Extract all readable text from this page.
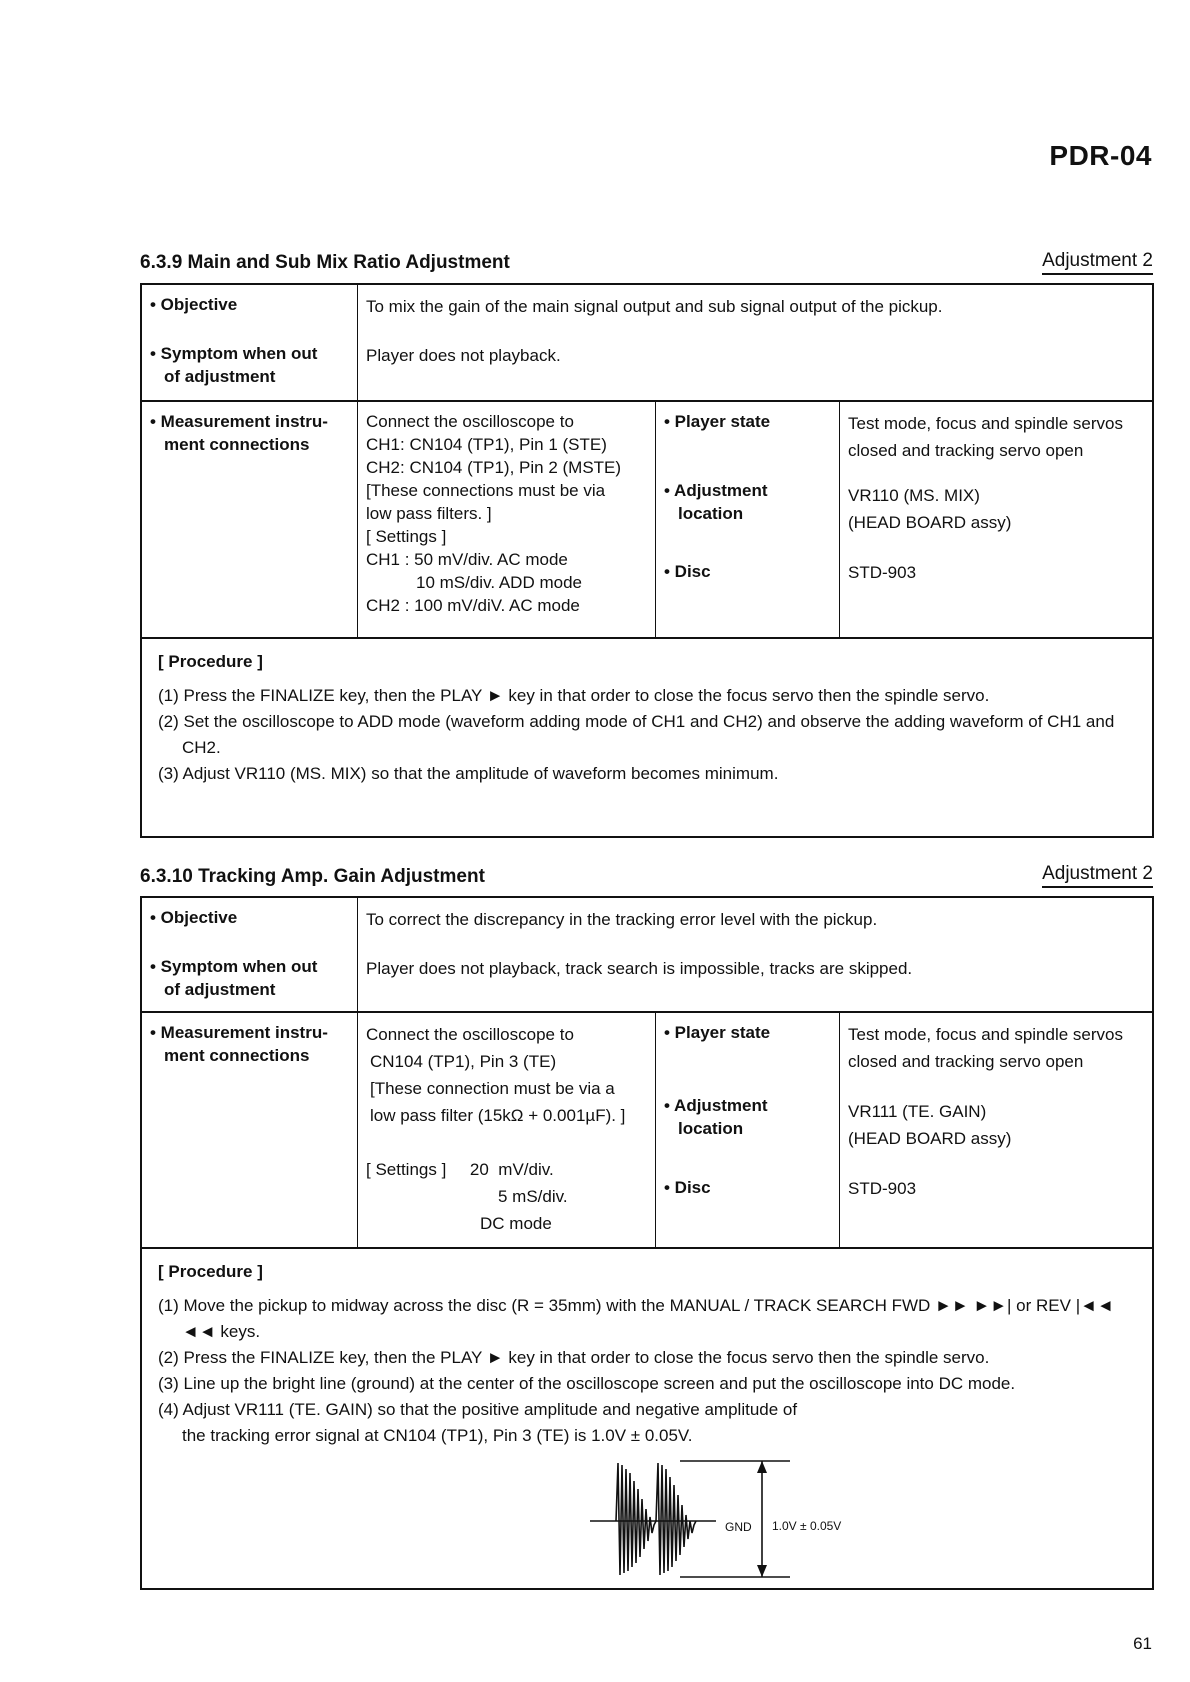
PDR-04
6.3.9 Main and Sub Mix Ratio Adjustment	Adjustment 2
• Objective
• Symptom when out
of adjustment
To mix the gain of the main signal output and sub signal output of the pickup.
Player does not playback.
• Measurement instru-
ment connections
Connect the oscilloscope to
CH1: CN104 (TP1), Pin 1 (STE)
CH2: CN104 (TP1), Pin 2 (MSTE)
[These connections must be via
low pass filters. ]
[ Settings ]
CH1 : 50 mV/div. AC mode
10 mS/div. ADD mode
CH2 : 100 mV/diV. AC mode
• Player state
• Adjustment
location
• Disc
Test mode, focus and spindle servos closed and tracking servo open
VR110 (MS. MIX)
(HEAD BOARD assy)
STD-903
[ Procedure ]
(1) Press the FINALIZE key, then the PLAY ► key in that order to close the focus servo then the spindle servo.
(2) Set the oscilloscope to ADD mode (waveform adding mode of CH1 and CH2) and observe the adding waveform of CH1 and CH2.
(3) Adjust VR110 (MS. MIX) so that the amplitude of waveform becomes minimum.
6.3.10 Tracking Amp. Gain Adjustment	Adjustment 2
• Objective
• Symptom when out
of adjustment
To correct the discrepancy in the tracking error level with the pickup.
Player does not playback, track search is impossible, tracks are skipped.
• Measurement instru-
ment connections
Connect the oscilloscope to
CN104 (TP1), Pin 3 (TE)
[These connection must be via a
low pass filter (15kΩ + 0.001µF). ]
[ Settings ]     20  mV/div.
5 mS/div.
DC mode
• Player state
• Adjustment
location
• Disc
Test mode, focus and spindle servos closed and tracking servo open
VR111 (TE. GAIN)
(HEAD BOARD assy)
STD-903
[ Procedure ]
(1) Move the pickup to midway across the disc (R = 35mm) with the MANUAL / TRACK SEARCH FWD ►► ►►| or REV |◄◄ ◄◄ keys.
(2) Press the FINALIZE key, then the PLAY ► key in that order to close the focus servo then the spindle servo.
(3) Line up the bright line (ground) at the center of the oscilloscope screen and put the oscilloscope into DC mode.
(4) Adjust VR111 (TE. GAIN) so that the positive amplitude and negative amplitude of the tracking error signal at CN104 (TP1), Pin 3 (TE) is 1.0V ± 0.05V.
GND 1.0V ± 0.05V
61
